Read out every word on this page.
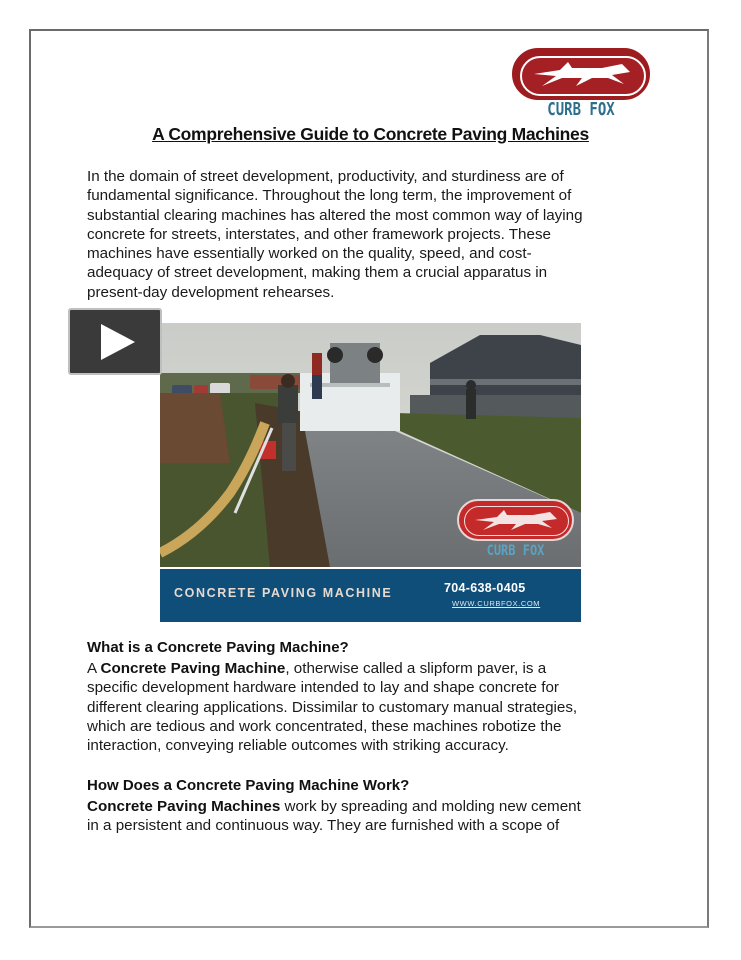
CURB FOX
A Comprehensive Guide to Concrete Paving Machines
In the domain of street development, productivity, and sturdiness are of
fundamental significance. Throughout the long term, the improvement of
substantial clearing machines has altered the most common way of laying
concrete for streets, interstates, and other framework projects. These
machines have essentially worked on the quality, speed, and cost-
adequacy of street development, making them a crucial apparatus in
present-day development rehearses.
CURB FOX
CONCRETE PAVING MACHINE	704-638-0405
WWW.CURBFOX.COM
What is a Concrete Paving Machine?
A Concrete Paving Machine, otherwise called a slipform paver, is a
specific development hardware intended to lay and shape concrete for
different clearing applications. Dissimilar to customary manual strategies,
which are tedious and work concentrated, these machines robotize the
interaction, conveying reliable outcomes with striking accuracy.
How Does a Concrete Paving Machine Work?
Concrete Paving Machines work by spreading and molding new cement
in a persistent and continuous way. They are furnished with a scope of
